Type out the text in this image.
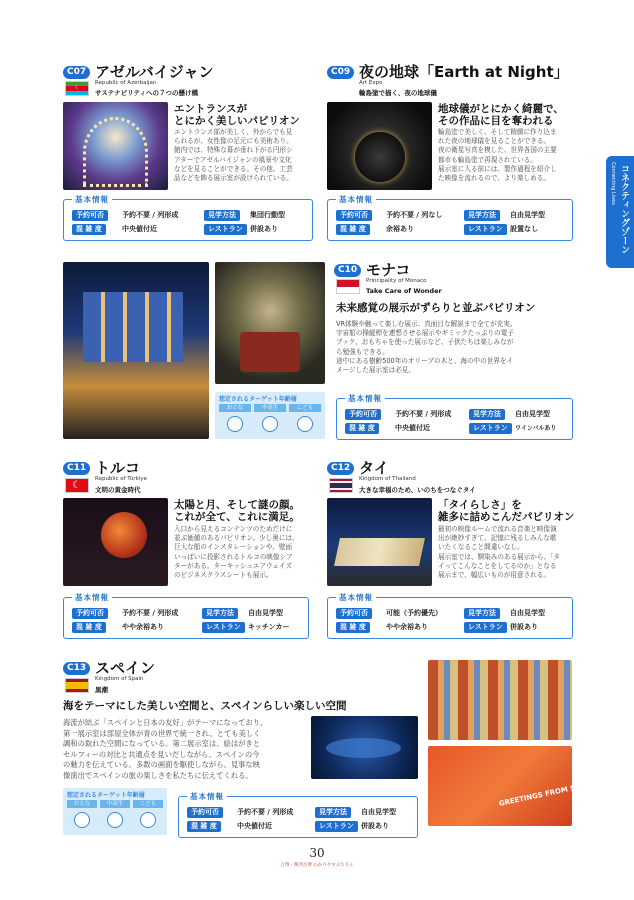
Connecting Lives コネクティングゾーン
C07 アゼルバイジャン
☾
Republic of Azerbaijan
サステナビリティへの７つの懸け橋
エントランスが
とにかく美しいパビリオン
エントランス部が美しく、外からでも見
られるが、女性像の足元にも美術あり。
館内では、特殊な幕が垂れ下がる円形シ
アターでアゼルバイジャンの風景や文化
などを見ることができる。その他、工芸
品などを飾る展示室が設けられている。
基本情報
予約可否	予約不要 / 列形成	見学方法	集団行動型
混 雑 度	中央値付近	レストラン	併設あり
C09 夜の地球「Earth at Night」
Art Expo
輪島塗で描く、夜の地球儀
地球儀がとにかく綺麗で、
その作品に目を奪われる
輪島塗で美しく、そして精緻に作り込ま
れた夜の地球儀を見ることができる。
夜の衛星写真を模した、世界各国の主要
都市も輪島塗で再現されている。
展示室に入る前には、製作過程を紹介し
た映像を流れるので、より楽しめる。
基本情報
予約可否	予約不要 / 列なし	見学方法	自由見学型
混 雑 度	余裕あり	レストラン	設置なし
想定されるターゲット年齢層
おとな	中高生	こども
C10 モナコ
Principality of Monaco
Take Care of Wonder
未来感覚の展示がずらりと並ぶパビリオン
VR体験や触って楽しむ展示、真面目な解説まで全てが充実。
宇宙船の操縦桿を連想させる展示やギミックたっぷりの電子
ブック、おもちゃを使った展示など、子供たちは楽しみなが
ら勉強もできる。
途中にある樹齢500年のオリーブの木と、海の中の世界をイ
メージした展示室は必見。
基本情報
予約可否	予約不要 / 列形成	見学方法	自由見学型
混 雑 度	中央値付近	レストラン	ワインバルあり
C11 トルコ
☾
Republic of Türkiye
文明の黄金時代
太陽と月、そして謎の顔。
これが全て、これに満足。
入口から見えるコンテンツのためだけに
並ぶ価値のあるパビリオン。少し奥には、
巨大な船のインスタレーションや、壁面
いっぱいに投影されるトルコの映像シア
ターがある。ターキッシュエアウェイズ
のビジネスクラスシートも展示。
基本情報
予約可否	予約不要 / 列形成	見学方法	自由見学型
混 雑 度	やや余裕あり	レストラン	キッチンカー
C12 タイ
Kingdom of Thailand
大きな幸福のため、いのちをつなぐタイ
「タイらしさ」を
雑多に詰めこんだパビリオン
最初の映像ルームで流れる音楽と映像演
出が絶妙すぎて、記憶に残るしみんな歌
いたくなること間違いなし。
展示室では、馴染みのある展示から、「タ
イってこんなことをしてるのか」となる
展示まで、幅広いものが用意される。
基本情報
予約可否	可能（予約優先）	見学方法	自由見学型
混 雑 度	やや余裕あり	レストラン	併設あり
C13 スペイン
Kingdom of Spain
黒潮
海をテーマにした美しい空間と、スペインらしい楽しい空間
海流が結ぶ「スペインと日本の友好」がテーマになっており、
第一展示室は部屋全体が青の世界で統一され、とても美しく
調和の取れた空間になっている。第二展示室は、絵はがきと
セルフィーの対比と共通点を見いだしながら、スペインの今
の魅力を伝えている。多数の画面を駆使しながら、見事な映
像演出でスペインの旅の楽しさを私たちに伝えてくれる。
GREETINGS FROM SPAIN
想定されるターゲット年齢層
おとな	中高生	こども
基本情報
予約可否	予約不要 / 列形成	見学方法	自由見学型
混 雑 度	中央値付近	レストラン	併設あり
30
万博・関西万博 わかりやすぶりりん
